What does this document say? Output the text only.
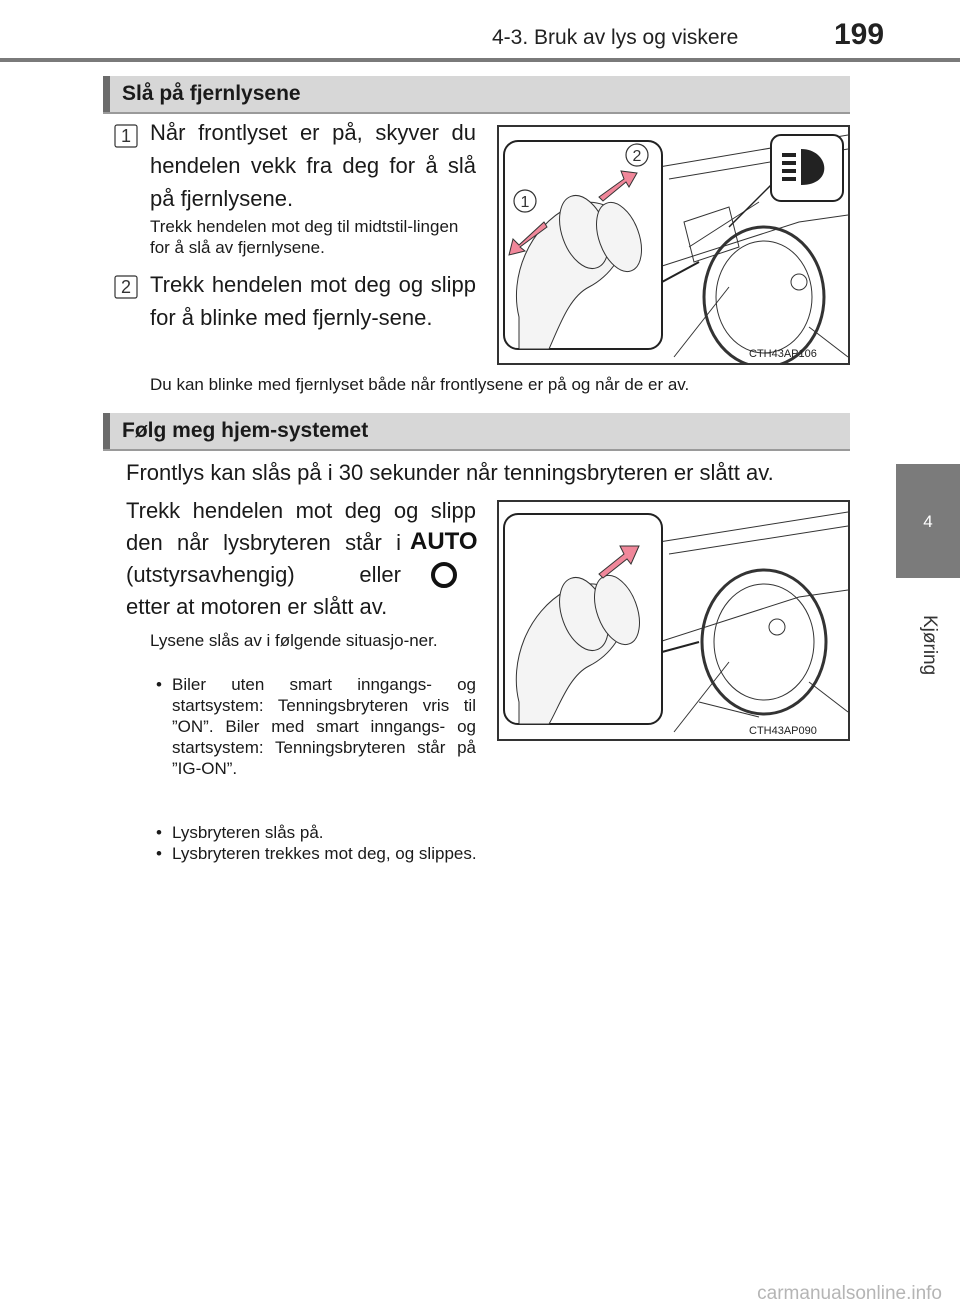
4-3. Bruk av lys og viskere	199
4
Kjøring
Slå på fjernlysene
1 Når frontlyset er på, skyver du hendelen vekk fra deg for å slå på fjernlysene.
Trekk hendelen mot deg til midtstil-lingen for å slå av fjernlysene.
2 Trekk hendelen mot deg og slipp for å blinke med fjernly-sene.
2
1
CTH43AP106
Du kan blinke med fjernlyset både når frontlysene er på og når de er av.
Følg meg hjem-systemet
Frontlys kan slås på i 30 sekunder når tenningsbryteren er slått av.
Trekk hendelen mot deg og slipp
den når lysbryteren står i AUTO
(utstyrsavhengig) eller
etter at motoren er slått av.
Lysene slås av i følgende situasjo-ner.
• Biler uten smart inngangs- og startsystem: Tenningsbryteren vris til ”ON”. Biler med smart inngangs- og startsystem: Tenningsbryteren står på ”IG-ON”.
• Lysbryteren slås på.
• Lysbryteren trekkes mot deg, og slippes.
CTH43AP090
carmanualsonline.info
